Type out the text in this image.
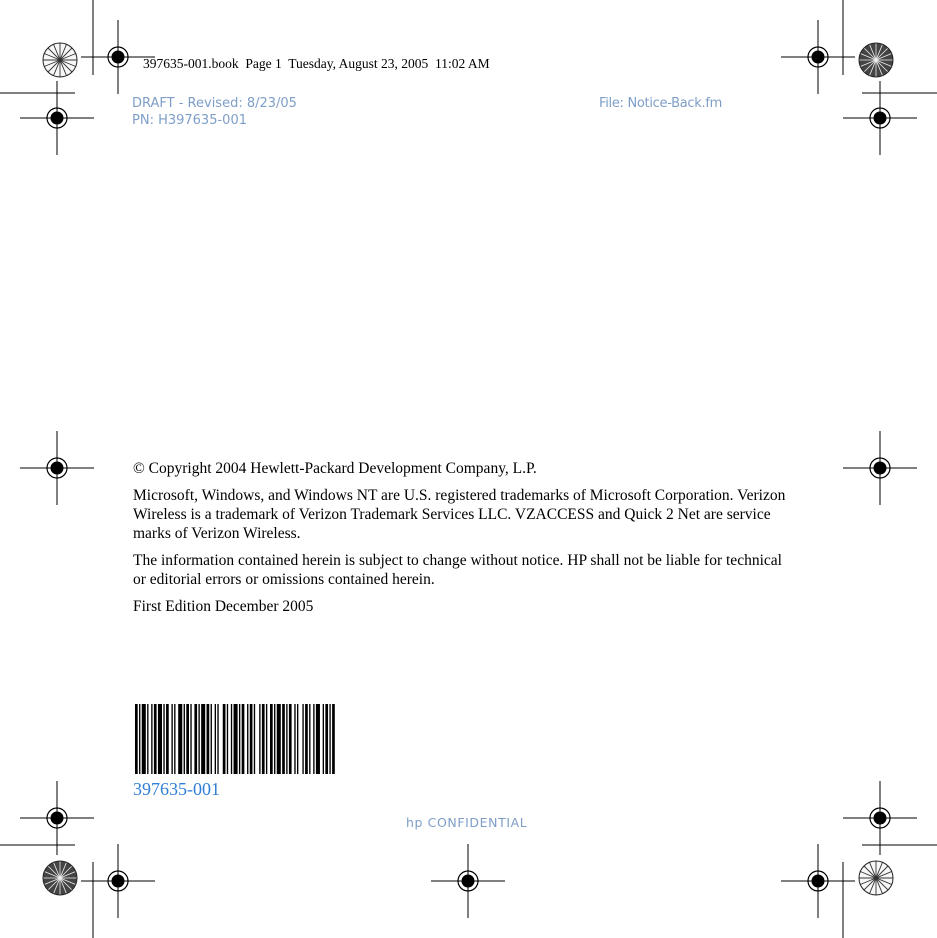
397635-001.book  Page 1  Tuesday, August 23, 2005  11:02 AM
DRAFT - Revised: 8/23/05
PN: H397635-001
File: Notice-Back.fm

© Copyright 2004 Hewlett-Packard Development Company, L.P.

Microsoft, Windows, and Windows NT are U.S. registered trademarks of Microsoft Corporation. Verizon Wireless is a trademark of Verizon Trademark Services LLC. VZACCESS and Quick 2 Net are service marks of Verizon Wireless.

The information contained herein is subject to change without notice. HP shall not be liable for technical or editorial errors or omissions contained herein.

First Edition December 2005

397635-001
hp CONFIDENTIAL
